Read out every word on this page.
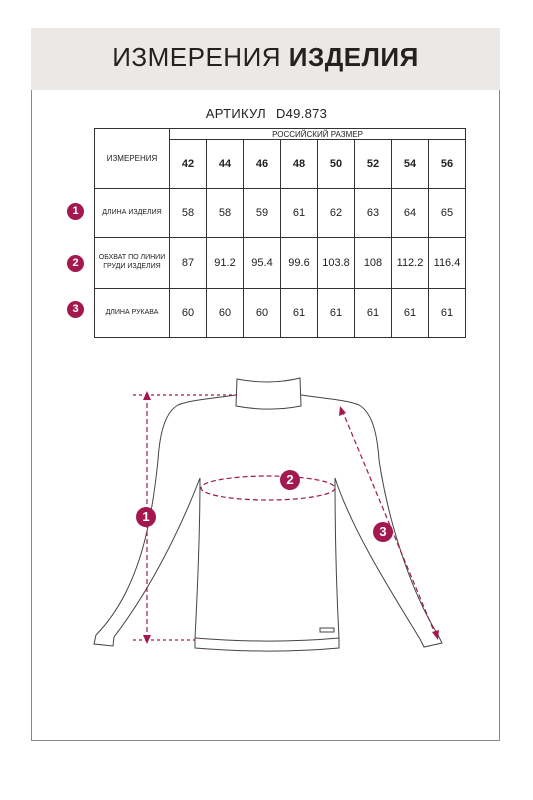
ИЗМЕРЕНИЯ ИЗДЕЛИЯ
АРТИКУЛ D49.873
ИЗМЕРЕНИЯ	РОССИЙСКИЙ РАЗМЕР							
	42	44	46	48	50	52	54	56
ДЛИНА ИЗДЕЛИЯ	58	58	59	61	62	63	64	65
ОБХВАТ ПО ЛИНИИ ГРУДИ ИЗДЕЛИЯ	87	91.2	95.4	99.6	103.8	108	112.2	116.4
ДЛИНА РУКАВА	60	60	60	61	61	61	61	61
1
2
3
1
2
3
